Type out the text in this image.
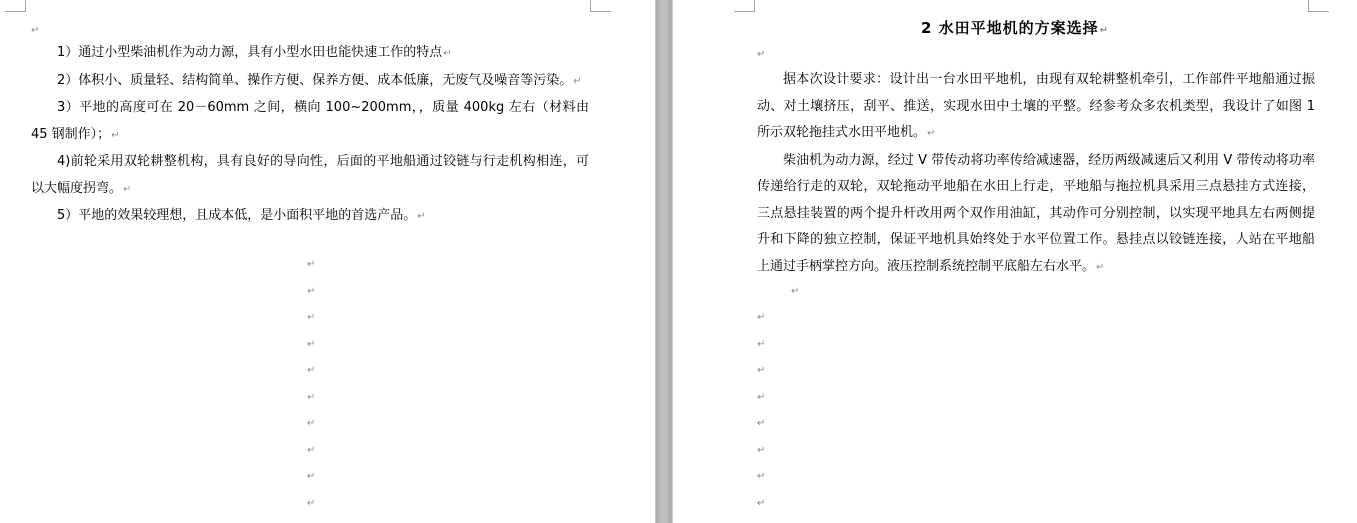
↵

1）通过小型柴油机作为动力源，具有小型水田也能快速工作的特点↵

2）体积小、质量轻、结构简单、操作方便、保养方便、成本低廉，无废气及噪音等污染。↵

3）平地的高度可在 20－60mm 之间，横向 100~200mm，，质量 400kg 左右（材料由 45 钢制作）；↵

4)前轮采用双轮耕整机构，具有良好的导向性，后面的平地船通过铰链与行走机构相连，可以大幅度拐弯。↵

5）平地的效果较理想，且成本低，是小面积平地的首选产品。↵

↵
↵
↵
↵
↵
↵
↵
↵
↵
↵
2 水田平地机的方案选择↵
↵

据本次设计要求：设计出一台水田平地机，由现有双轮耕整机牵引，工作部件平地船通过振动、对土壤挤压，刮平、推送，实现水田中土壤的平整。经参考众多农机类型，我设计了如图 1 所示双轮拖挂式水田平地机。↵

柴油机为动力源，经过 V 带传动将功率传给减速器，经历两级减速后又利用 V 带传动将功率传递给行走的双轮，双轮拖动平地船在水田上行走，平地船与拖拉机具采用三点悬挂方式连接，三点悬挂装置的两个提升杆改用两个双作用油缸，其动作可分别控制，以实现平地具左右两侧提升和下降的独立控制，保证平地机具始终处于水平位置工作。悬挂点以铰链连接，人站在平地船上通过手柄掌控方向。液压控制系统控制平底船左右水平。↵

↵
↵
↵
↵
↵
↵
↵
↵
↵
